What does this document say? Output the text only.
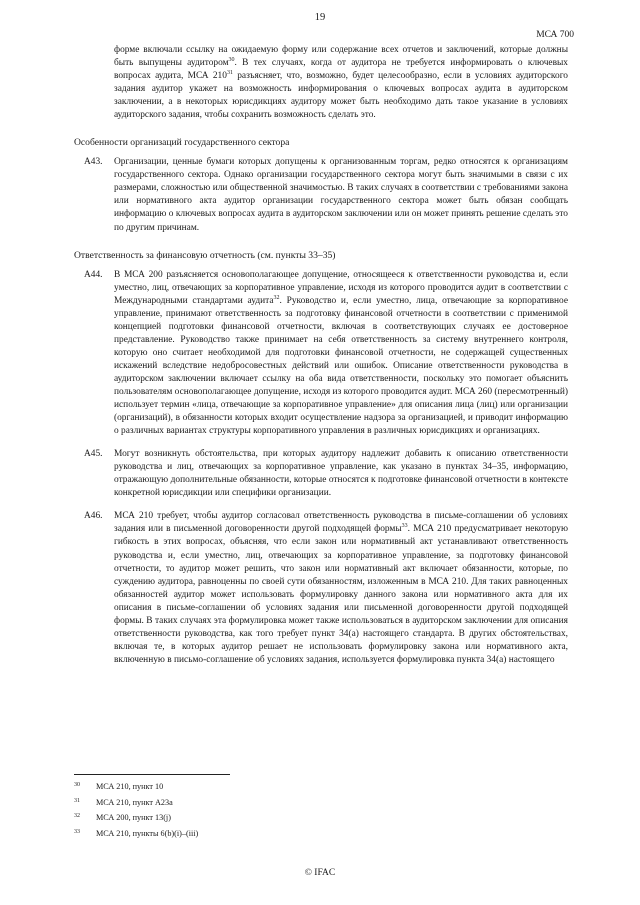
19
МСА 700

форме включали ссылку на ожидаемую форму или содержание всех отчетов и заключений, которые должны быть выпущены аудитором$^{30}$. В тех случаях, когда от аудитора не требуется информировать о ключевых вопросах аудита, МСА $210^{31}$ разъясняет, что, возможно, будет целесообразно, если в условиях аудиторского задания аудитор укажет на возможность информирования о ключевых вопросах аудита в аудиторском заключении, а в некоторых юрисдикциях аудитору может быть необходимо дать такое указание в условиях аудиторского задания, чтобы сохранить возможность сделать это.

Особенности организаций государственного сектора

A43. Организации, ценные бумаги которых допущены к организованным торгам, редко относятся к организациям государственного сектора. Однако организации государственного сектора могут быть значимыми в связи с их размерами, сложностью или общественной значимостью. В таких случаях в соответствии с требованиями закона или нормативного акта аудитор организации государственного сектора может быть обязан сообщать информацию о ключевых вопросах аудита в аудиторском заключении или он может принять решение сделать это по другим причинам.

Ответственность за финансовую отчетность (см. пункты 33–35)

A44. В МСА 200 разъясняется основополагающее допущение, относящееся к ответственности руководства и, если уместно, лиц, отвечающих за корпоративное управление, исходя из которого проводится аудит в соответствии с Международными стандартами аудита$^{32}$. Руководство и, если уместно, лица, отвечающие за корпоративное управление, принимают ответственность за подготовку финансовой отчетности в соответствии с применимой концепцией подготовки финансовой отчетности, включая в соответствующих случаях ее достоверное представление. Руководство также принимает на себя ответственность за систему внутреннего контроля, которую оно считает необходимой для подготовки финансовой отчетности, не содержащей существенных искажений вследствие недобросовестных действий или ошибок. Описание ответственности руководства в аудиторском заключении включает ссылку на оба вида ответственности, поскольку это помогает объяснить пользователям основополагающее допущение, исходя из которого проводится аудит. МСА 260 (пересмотренный) использует термин «лица, отвечающие за корпоративное управление» для описания лица (лиц) или организации (организаций), в обязанности которых входит осуществление надзора за организацией, и приводит информацию о различных вариантах структуры корпоративного управления в различных юрисдикциях и организациях.

A45. Могут возникнуть обстоятельства, при которых аудитору надлежит добавить к описанию ответственности руководства и лиц, отвечающих за корпоративное управление, как указано в пунктах 34–35, информацию, отражающую дополнительные обязанности, которые относятся к подготовке финансовой отчетности в контексте конкретной юрисдикции или специфики организации.

A46. МСА 210 требует, чтобы аудитор согласовал ответственность руководства в письме-соглашении об условиях задания или в письменной договоренности другой подходящей формы$^{33}$. МСА 210 предусматривает некоторую гибкость в этих вопросах, объясняя, что если закон или нормативный акт устанавливают ответственность руководства и, если уместно, лиц, отвечающих за корпоративное управление, за подготовку финансовой отчетности, то аудитор может решить, что закон или нормативный акт включает обязанности, которые, по суждению аудитора, равноценны по своей сути обязанностям, изложенным в МСА 210. Для таких равноценных обязанностей аудитор может использовать формулировку данного закона или нормативного акта для их описания в письме-соглашении об условиях задания или письменной договоренности другой подходящей формы. В таких случаях эта формулировка может также использоваться в аудиторском заключении для описания ответственности руководства, как того требует пункт 34(а) настоящего стандарта. В других обстоятельствах, включая те, в которых аудитор решает не использовать формулировку закона или нормативного акта, включенную в письмо-соглашение об условиях задания, используется формулировка пункта 34(а) настоящего

30	МСА 210, пункт 10
31	МСА 210, пункт А23а
32	МСА 200, пункт 13(j)
33	МСА 210, пункты 6(b)(i)–(iii)
© IFAC
